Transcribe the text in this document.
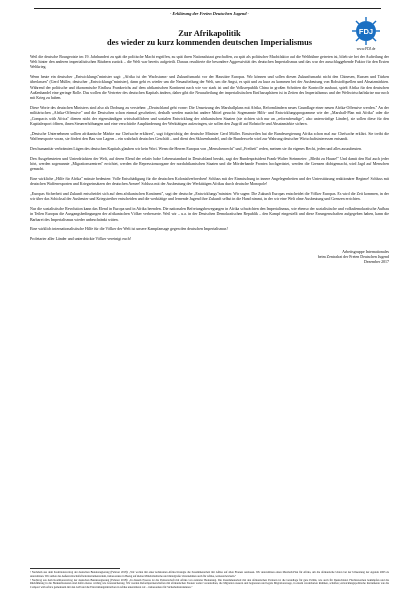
- Erklärung der Freien Deutschen Jugend -
FDJ
www.FDJ.de
Zur Afrikapolitik
des wieder zu kurz kommenden deutschen Imperialismus

Weil die deutsche Bourgeoisie im 19. Jahrhundert zu spät die politische Macht ergriffen, zu spät ihren Nationalstaat geschaffen, zu spät als politischer Machtfaktor auf die Weltbühne getreten ist, blieb sie bei der Aufteilung der Welt hinter den anderen imperialistischen Räubern zurück – die Welt war bereits aufgeteilt. Daraus resultierte die besondere Aggressivität des deutschen Imperialismus und das war der ausschlaggebende Faktor für den Ersten Weltkrieg.

Wenn heute ein deutscher „Entwicklungs"minister sagt: „Afrika ist der Wachstums- und Zukunftsmarkt vor der Haustüre Europas. Wir können und sollen diesen Zukunftsmarkt nicht den Chinesen, Russen und Türken überlassen" (Gerd Müller, deutscher „Entwicklungs"minister), dann geht es wieder um die Neuaufteilung der Welt, um die Angst, es spät und zu kurz zu kommen bei der Ausbeutung von Rohstoffquellen und Absatzmärkten. Während der politische und ökonomische Einfluss Frankreichs auf dem afrikanischen Kontinent nach wie vor stark ist und die Volksrepublik China in großen Schritten die Kontrolle ausbaut, spielt Afrika für den deutschen Außenhandel eine geringe Rolle. Das wollen die Vertreter des deutschen Kapitals ändern, daher gibt die Neuaufteilung der imperialistischen Einflusssphären ist in Zeiten des Imperialismus und der Weltwirtschaftskrise nur noch mit Krieg zu haben.

Diese Worte des deutschen Ministers sind also als Drohung zu verstehen: „Deutschland geht vorne: Die Umsetzung des Marshallplans mit Afrika, Reformländern neues Grundlage einer neuen Afrika-Offensive werden." An der militärischen „Afrika-Offensive" und die Deutschen schon einmal gescheitert, deshalb werden zunächst andere Mittel gesucht: Sogenannte Hilfs- und Entwicklungsprogramme wie der „Marshall-Plan mit Afrika" oder die „Compacts with Africa" dienen nicht der eigenständigen wirtschaftlichen und sozialen Entwicklung der afrikanischen Staaten (sie richten sich nur an „reformfreudige", also unterwürfige Länder), sie sollen diese für den Kapitalexport öffnen, ihnen Steuererhöhungen und eine verschärfte Ausplünderung der Werktätigen aufzwingen, sie sollen den Zugriff auf Rohstoffe und Absatzmärkte sichern.

„Deutsche Unternehmen sollten afrikanische Märkte zur Chefsache erklären", sagt folgerichtig der deutsche Minister Gerd Müller. Einstweilen hat die Bundesregierung Afrika schon mal zur Chefsache erklärt. Sie treibt die Waffenexporte voran, sie fördert den Bau von Lagern – ein wahrhaft deutsches Geschäft – und dient den Sklavenhandel, und die Bundeswehr wird zur Wahrung deutscher Wirtschaftsinteressen entsandt.

Den humanitär verbrämten Lügen des deutschen Kapitals glauben wir kein Wort. Wenn die Herren Europas von „Menschenrecht" und „Freiheit" reden, meinen sie ihr eigenes Recht, jeden und alles auszubeuten.

Den Ausgebeuteten und Unterdrückten der Welt, auf deren Elend der relativ hohe Lebensstandard in Deutschland beruht, sagt der Bundespräsident Frank-Walter Steinmeier: „Bleibt zu Hause!" Und damit den Ruf auch jeder hört, werden sogenannte „Migrationszentren" errichtet, werden die Repressionsorgane der nordafrikanischen Staaten und die Mörderbande Frontex hochgerüstet, werden die Grenzen dichtgemacht, wird Jagd auf Menschen gemacht.

Eine wirkliche „Hilfe für Afrika" müsste bedeuten: Volle Entschädigung für die deutschen Kolonialverbrechen! Schluss mit der Einmischung in innere Angelegenheiten und der Unterstützung reaktionärer Regime! Schluss mit deutschen Waffenexporten und Kriegseinsätzen der deutschen Armee! Schluss mit der Ausbeutung der Werktätigen Afrikas durch deutsche Monopole!

„Europas Sicherheit und Zukunft entscheidet sich auf dem afrikanischen Kontinent", sagt der deutsche „Entwicklungs"minister. Wir sagen: Die Zukunft Europas entscheidet die Völker Europas. Es wird die Zeit kommen, in der wir über das Schicksal der Ausbeuter und Kriegstreiber entscheiden und die werktätige und lernende Jugend ihre Zukunft selbst in die Hand nimmt, in der wir eine Welt ohne Ausbeutung und Grenzen errichten.

Nur die sozialistische Revolution kann das Elend in Europa und in Afrika beenden. Die nationalen Befreiungsbewegungen in Afrika schwächten den Imperialismus, wie ebenso der sozialistische und volksdemokratische Aufbau in Teilen Europas die Ausgangsbedingungen der afrikanischen Völker verbesserte. Weil wir – u.a. in der Deutschen Demokratischen Republik – den Kampf eingestellt und diese Errungenschaften aufgegeben haben, kann die Barbarei des Imperialismus wieder unbeschränkt wüten.

Eine wirklich internationalistische Hilfe für die Völker der Welt ist unsere Kampfansage gegen den deutschen Imperialismus!

Proletarier aller Länder und unterdrückte Völker vereinigt euch!

Arbeitsgruppe Internationales
beim Zentralrat der Freien Deutschen Jugend
Dezember 2017

¹ Nachdem aus dem Koalitionsvertrag der deutschen Bundesregierung (Februar 2018): „Wir wollen mit einer kohärenten Afrika-Strategie die Zusammenarbeit mit Afrika auf allen Ebenen ausbauen. Wir unterstützen einen Marshall-Plan für Afrika, um die afrikanische Union bei der Umsetzung der Agenda 2063 zu unterstützen. Wir stellen das Außenwirtschaftsförderinstrumentarium, insbesondere in Bezug auf kleine Mittelständische und mittelgroße Unternehmen auch für Afrika, weiterentwickeln."

² Nachtrag aus dem Koalitionsvertrag der deutschen Bundesregierung (Februar 2018): „In diesem Prozess ist die Partnerschaft mit Afrika von zentraler Bedeutung. Die Zusammenarbeit mit den afrikanischen Partnern ist die Grundlage für gute Politik, wie auch für Deutschland. Fluchtursachen bekämpfen und die Rückführung in die Herkunftsstaaten sind dafür ebenso wichtig wie Grenzsicherung. Wir werden Reformpartnerschaften mit afrikanischen Staaten weiter vorantreiben, die Migration steuern und begrenzen und legale Migrationswege, in einem vereinbarten Rahmen, schaffen; entwicklungspolitische Instrumente wie die Compact with Africa gemeinsam mit den G20 und die Entwicklungsinitiativen in Afrika unterstützen wir – insbesondere für Sicherheitsstrukturen."
